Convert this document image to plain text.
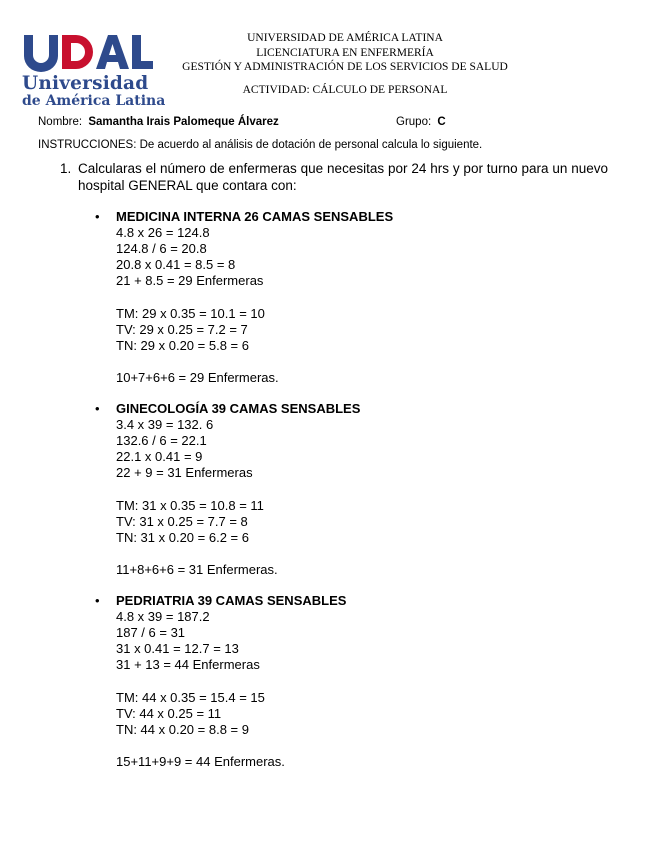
Universidad
de América Latina
UNIVERSIDAD DE AMÉRICA LATINA
LICENCIATURA EN ENFERMERÍA
GESTIÓN Y ADMINISTRACIÓN DE LOS SERVICIOS DE SALUD
ACTIVIDAD: CÁLCULO DE PERSONAL
Nombre: Samantha Irais Palomeque Álvarez	Grupo: C
INSTRUCCIONES: De acuerdo al análisis de dotación de personal calcula lo siguiente.
1. Calcularas el número de enfermeras que necesitas por 24 hrs y por turno para un nuevo hospital GENERAL que contara con:
• MEDICINA INTERNA 26 CAMAS SENSABLES
4.8 x 26 = 124.8
124.8 / 6 = 20.8
20.8 x 0.41 = 8.5 = 8
21 + 8.5 = 29 Enfermeras
TM: 29 x 0.35 = 10.1 = 10
TV: 29 x 0.25 = 7.2 = 7
TN: 29 x 0.20 = 5.8 = 6
10+7+6+6 = 29 Enfermeras.
• GINECOLOGÍA 39 CAMAS SENSABLES
3.4 x 39 = 132. 6
132.6 / 6 = 22.1
22.1 x 0.41 = 9
22 + 9 = 31 Enfermeras
TM: 31 x 0.35 = 10.8 = 11
TV: 31 x 0.25 = 7.7 = 8
TN: 31 x 0.20 = 6.2 = 6
11+8+6+6 = 31 Enfermeras.
• PEDRIATRIA 39 CAMAS SENSABLES
4.8 x 39 = 187.2
187 / 6 = 31
31 x 0.41 = 12.7 = 13
31 + 13 = 44 Enfermeras
TM: 44 x 0.35 = 15.4 = 15
TV: 44 x 0.25 = 11
TN: 44 x 0.20 = 8.8 = 9
15+11+9+9 = 44 Enfermeras.
